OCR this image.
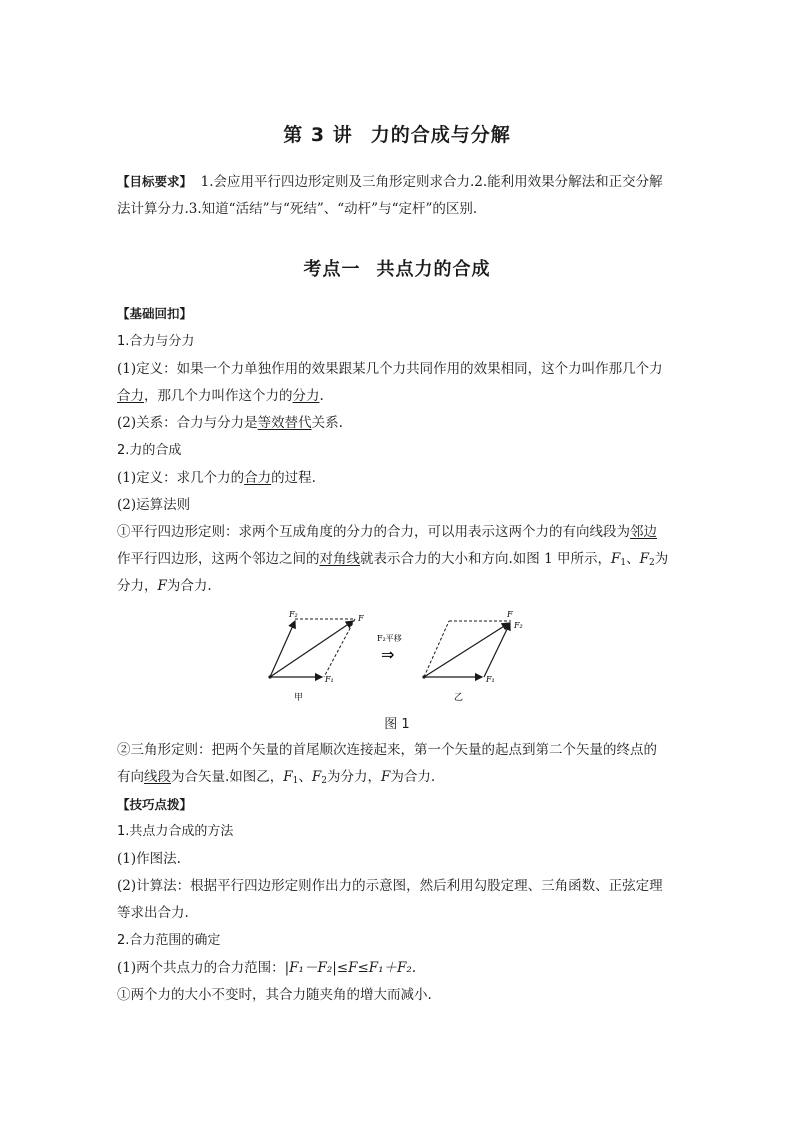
第 3 讲 力的合成与分解
【目标要求】 1.会应用平行四边形定则及三角形定则求合力.2.能利用效果分解法和正交分解
法计算分力.3.知道“活结”与“死结”、“动杆”与“定杆”的区别.
考点一 共点力的合成
【基础回扣】
1.合力与分力
(1)定义：如果一个力单独作用的效果跟某几个力共同作用的效果相同，这个力叫作那几个力
合力，那几个力叫作这个力的分力.
(2)关系：合力与分力是等效替代关系.
2.力的合成
(1)定义：求几个力的合力的过程.
(2)运算法则
①平行四边形定则：求两个互成角度的分力的合力，可以用表示这两个力的有向线段为邻边
作平行四边形，这两个邻边之间的对角线就表示合力的大小和方向.如图 1 甲所示，$F_1$、$F_2$为
分力，F为合力.
F₂	F
F₁
甲
F₂平移
⇒
F
F₂
F₁
乙
图 1
②三角形定则：把两个矢量的首尾顺次连接起来，第一个矢量的起点到第二个矢量的终点的
有向线段为合矢量.如图乙，$F_1$、$F_2$为分力，F为合力.
【技巧点拨】
1.共点力合成的方法
(1)作图法.
(2)计算法：根据平行四边形定则作出力的示意图，然后利用勾股定理、三角函数、正弦定理
等求出合力.
2.合力范围的确定
(1)两个共点力的合力范围：|F₁－F₂|≤F≤F₁＋F₂.
①两个力的大小不变时，其合力随夹角的增大而减小.
